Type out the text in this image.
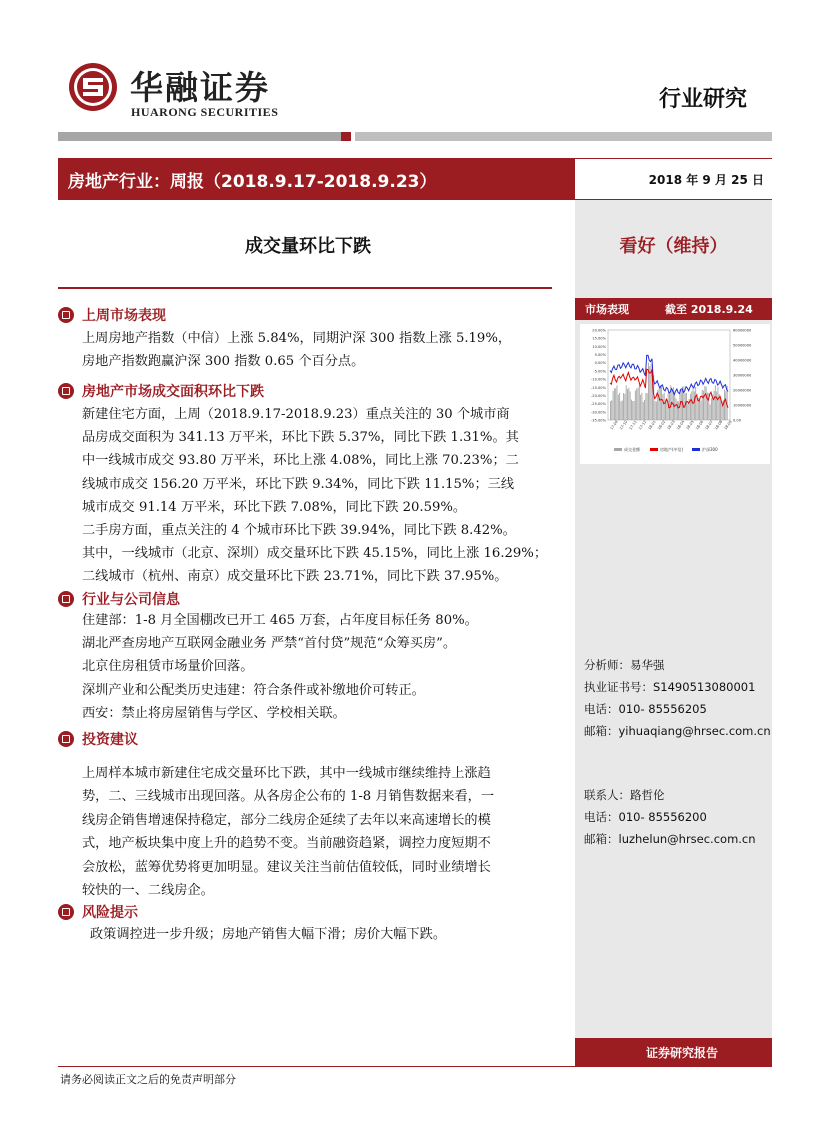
华融证券
HUARONG SECURITIES	行业研究
房地产行业：周报（2018.9.17-2018.9.23）	2018 年 9 月 25 日
看好（维持）
市场表现	截至 2018.9.24
20.00%
15.00%
10.00%
5.00%
0.00%
-5.00%
-10.00%
-15.00%
-20.00%
-25.00%
-30.00%
-35.00%
60000000
50000000
40000000
30000000
20000000
10000000
0.00
17-09 17-10 17-11 17-12 18-01 18-02 18-03 18-04 18-05 18-06 18-07 18-08 18-09
成交金额	房地产(中信)	沪深300
分析师：易华强
执业证书号：S1490513080001
电话：010- 85556205
邮箱：yihuaqiang@hrsec.com.cn
联系人：路哲伦
电话：010- 85556200
邮箱：luzhelun@hrsec.com.cn
证券研究报告
成交量环比下跌
上周市场表现
上周房地产指数（中信）上涨 5.84%，同期沪深 300 指数上涨 5.19%，
房地产指数跑赢沪深 300 指数 0.65 个百分点。
房地产市场成交面积环比下跌
新建住宅方面，上周（2018.9.17-2018.9.23）重点关注的 30 个城市商
品房成交面积为 341.13 万平米，环比下跌 5.37%，同比下跌 1.31%。其
中一线城市成交 93.80 万平米，环比上涨 4.08%，同比上涨 70.23%；二
线城市成交 156.20 万平米，环比下跌 9.34%，同比下跌 11.15%；三线
城市成交 91.14 万平米，环比下跌 7.08%，同比下跌 20.59%。
二手房方面，重点关注的 4 个城市环比下跌 39.94%，同比下跌 8.42%。
其中，一线城市（北京、深圳）成交量环比下跌 45.15%，同比上涨 16.29%；
二线城市（杭州、南京）成交量环比下跌 23.71%，同比下跌 37.95%。
行业与公司信息
住建部：1-8 月全国棚改已开工 465 万套，占年度目标任务 80%。
湖北严查房地产互联网金融业务 严禁“首付贷”规范“众筹买房”。
北京住房租赁市场量价回落。
深圳产业和公配类历史违建：符合条件或补缴地价可转正。
西安：禁止将房屋销售与学区、学校相关联。
投资建议
上周样本城市新建住宅成交量环比下跌，其中一线城市继续维持上涨趋
势，二、三线城市出现回落。从各房企公布的 1-8 月销售数据来看，一
线房企销售增速保持稳定，部分二线房企延续了去年以来高速增长的模
式，地产板块集中度上升的趋势不变。当前融资趋紧，调控力度短期不
会放松，蓝筹优势将更加明显。建议关注当前估值较低，同时业绩增长
较快的一、二线房企。
风险提示
政策调控进一步升级；房地产销售大幅下滑；房价大幅下跌。
请务必阅读正文之后的免责声明部分
